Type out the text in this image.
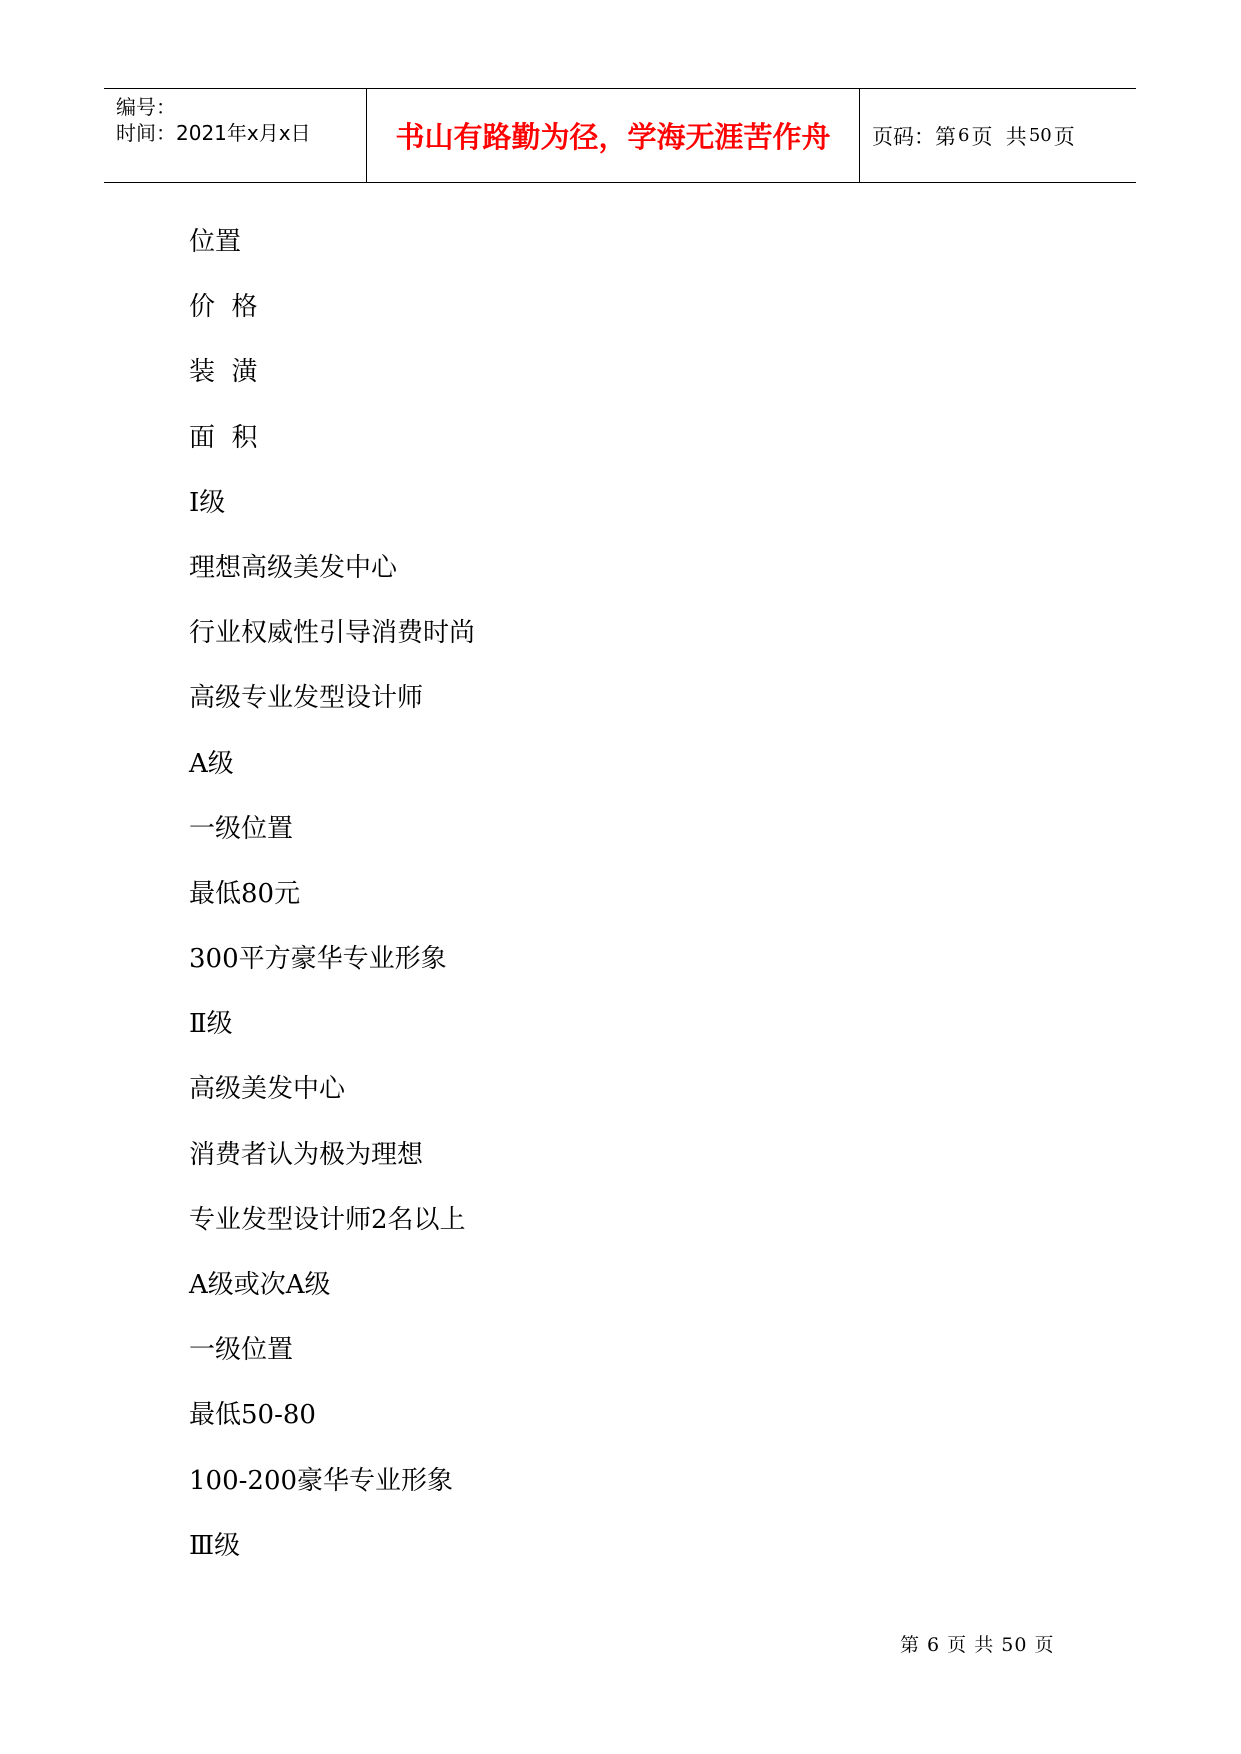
编号：
时间：2021年x月x日	书山有路勤为径，学海无涯苦作舟 页码：第 6 页  共 50 页
位置
价  格
装  潢
面  积
Ⅰ级
理想高级美发中心
行业权威性引导消费时尚
高级专业发型设计师
A级
一级位置
最低80元
300平方豪华专业形象
Ⅱ级
高级美发中心
消费者认为极为理想
专业发型设计师2名以上
A级或次A级
一级位置
最低50-80
100-200豪华专业形象
Ⅲ级
第 6 页 共 50 页
